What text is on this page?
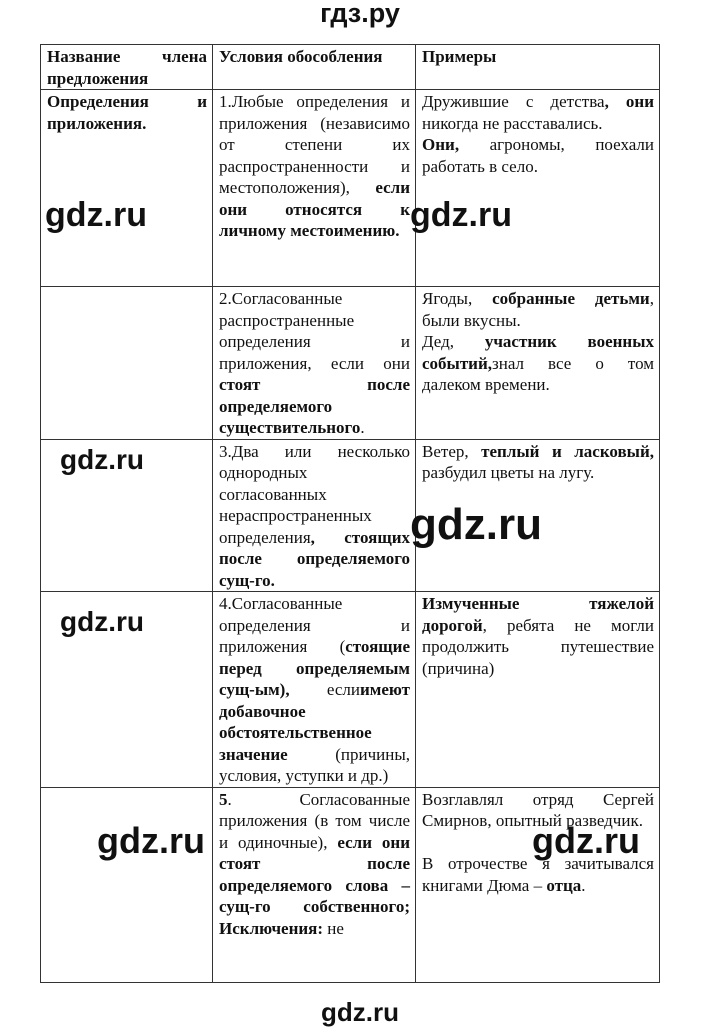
гдз.ру
Название члена предложения	Условия обособления	Примеры
Определения и приложения.	1.Любые определения и приложения (независимо от степени их распространенности и местоположения), если они относятся к личному местоимению.	Дружившие с детства, они никогда не расставались.

Они, агрономы, поехали работать в село.

	2.Согласованные распространенные определения и приложения, если они стоят после определяемого существительного.	Ягоды, собранные детьми, были вкусны.

Дед, участник военных событий,знал все о том далеком времени.

	3.Два или несколько однородных согласованных нераспространенных определения, стоящих после определяемого сущ-го.	Ветер, теплый и ласковый, разбудил цветы на лугу.

	4.Согласованные определения и приложения (стоящие перед определяемым сущ-ым), еслиимеют добавочное обстоятельственное значение (причины, условия, уступки и др.)	Измученные тяжелой дорогой, ребята не могли продолжить путешествие (причина)

	5. Согласованные приложения (в том числе и одиночные), если они стоят после определяемого слова – сущ-го собственного; Исключения: не	Возглавлял отряд Сергей Смирнов, опытный разведчик.

В отрочестве я зачитывался книгами Дюма – отца.

gdz.ru	gdz.ru
gdz.ru
gdz.ru
gdz.ru
gdz.ru	gdz.ru
gdz.ru
